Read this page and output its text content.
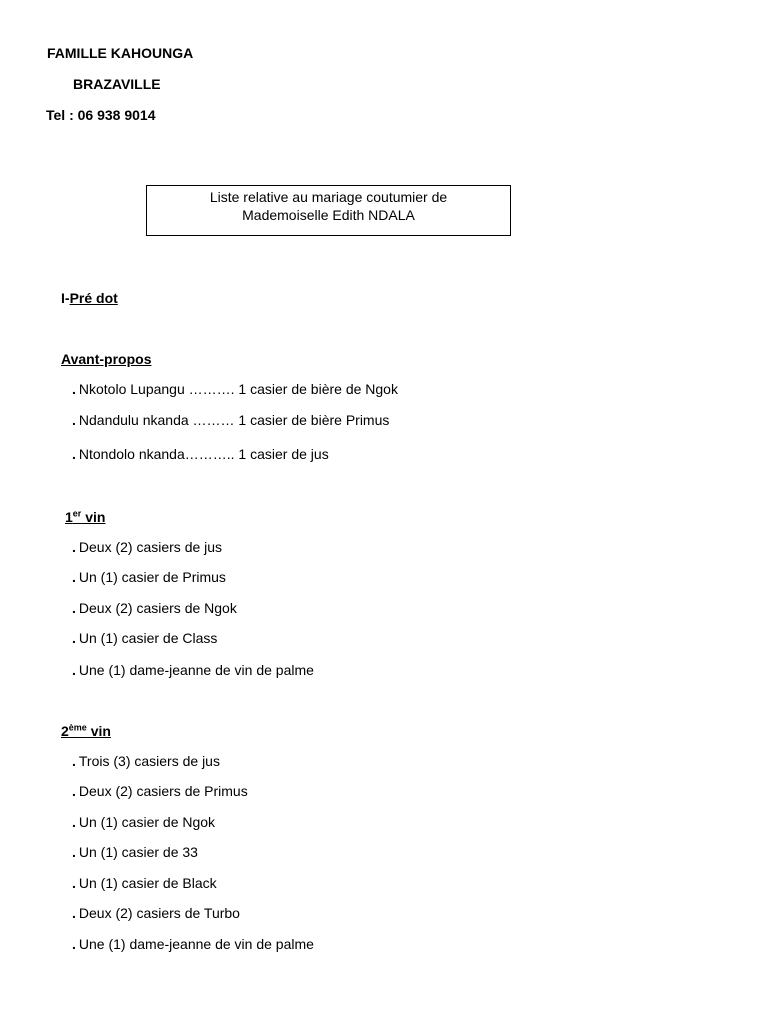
FAMILLE KAHOUNGA
BRAZAVILLE
Tel : 06 938 9014
Liste relative au mariage coutumier de
Mademoiselle Edith NDALA
I-Pré dot
Avant-propos
. Nkotolo Lupangu ………. 1 casier de bière de Ngok
. Ndandulu nkanda ……… 1 casier de bière Primus
. Ntondolo nkanda……….. 1 casier de jus
1er vin
. Deux (2) casiers de jus
. Un (1) casier de Primus
. Deux (2) casiers de Ngok
. Un (1) casier de Class
. Une (1) dame-jeanne de vin de palme
2ème vin
. Trois (3) casiers de jus
. Deux (2) casiers de Primus
. Un (1) casier de Ngok
. Un (1) casier de 33
. Un (1) casier de Black
. Deux (2) casiers de Turbo
. Une (1) dame-jeanne de vin de palme
